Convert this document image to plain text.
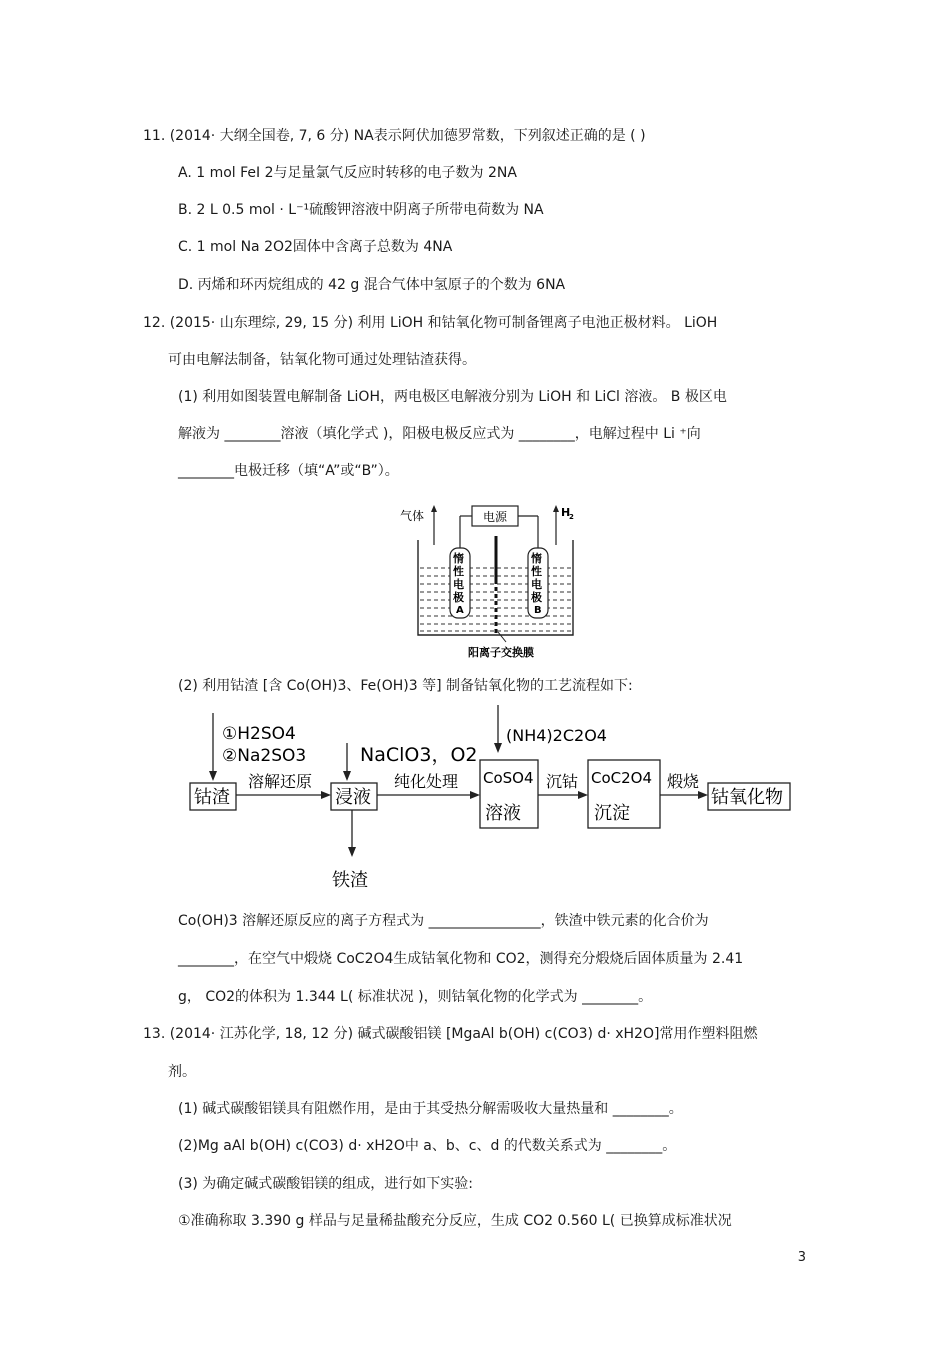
11. (2014· 大纲全国卷, 7, 6 分) NA表示阿伏加德罗常数，下列叙述正确的是 ( )
A. 1 mol FeI 2与足量氯气反应时转移的电子数为 2NA
B. 2 L 0.5 mol · L⁻¹硫酸钾溶液中阴离子所带电荷数为 NA
C. 1 mol Na 2O2固体中含离子总数为 4NA
D. 丙烯和环丙烷组成的 42 g 混合气体中氢原子的个数为 6NA
12. (2015· 山东理综, 29, 15 分) 利用 LiOH 和钴氧化物可制备锂离子电池正极材料。 LiOH
可由电解法制备，钴氧化物可通过处理钴渣获得。
(1) 利用如图装置电解制备 LiOH，两电极区电解液分别为 LiOH 和 LiCl 溶液。 B 极区电
解液为 ________溶液（填化学式 )，阳极电极反应式为 ________，电解过程中 Li ⁺向
________电极迁移（填“A”或“B”）。
气体	电源	H
2
惰
性
电
极
A
惰
性
电
极
B
阳离子交换膜
(2) 利用钴渣 [含 Co(OH)3、Fe(OH)3 等] 制备钴氧化物的工艺流程如下:
①H2SO4
②Na2SO3
钴渣
溶解还原
NaClO3，O2
浸液
铁渣
纯化处理
(NH4)2C2O4
CoSO4
溶液
沉钴 CoC2O4
沉淀
煅烧
钴氧化物
Co(OH)3 溶解还原反应的离子方程式为 ________________，铁渣中铁元素的化合价为
________，在空气中煅烧 CoC2O4生成钴氧化物和 CO2，测得充分煅烧后固体质量为 2.41
g， CO2的体积为 1.344 L( 标准状况 )，则钴氧化物的化学式为 ________。
13. (2014· 江苏化学, 18, 12 分) 碱式碳酸铝镁 [MgaAl b(OH) c(CO3) d· xH2O]常用作塑料阻燃
剂。
(1) 碱式碳酸铝镁具有阻燃作用，是由于其受热分解需吸收大量热量和 ________。
(2)Mg aAl b(OH) c(CO3) d· xH2O中 a、b、c、d 的代数关系式为 ________。
(3) 为确定碱式碳酸铝镁的组成，进行如下实验:
①准确称取 3.390 g 样品与足量稀盐酸充分反应，生成 CO2 0.560 L( 已换算成标准状况
3
